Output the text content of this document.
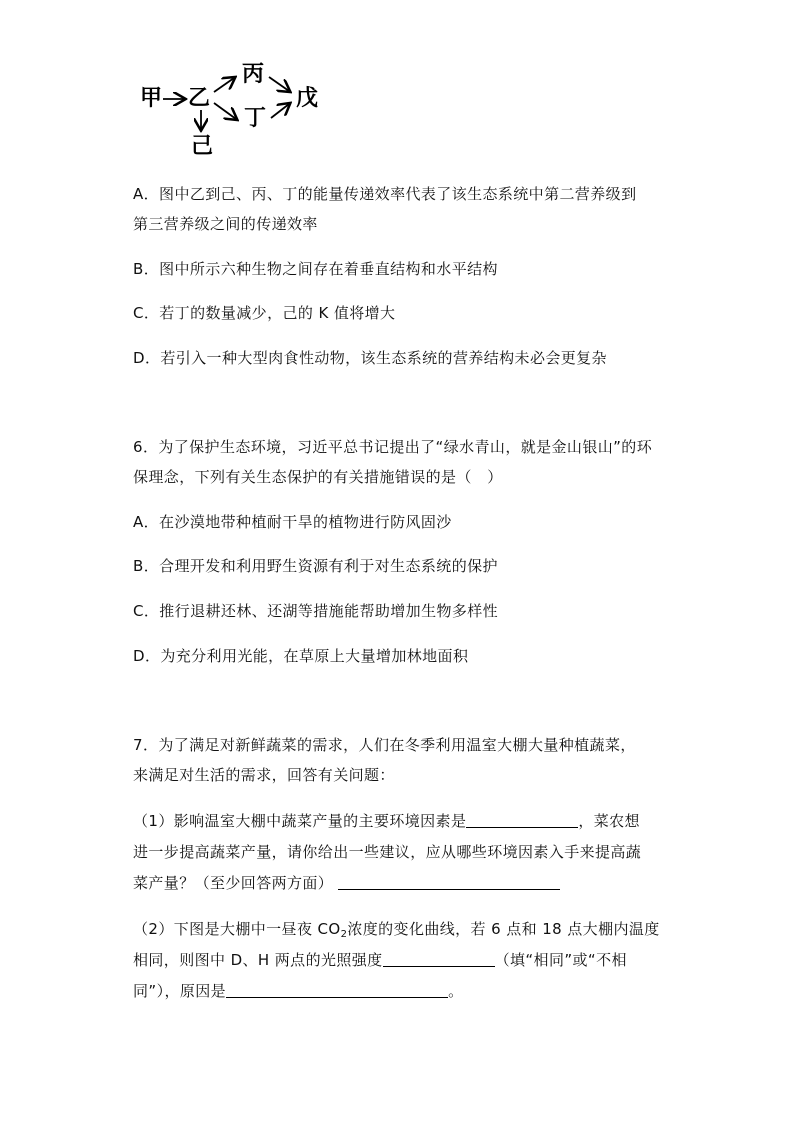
甲 乙
丙
丁
戊
己
A．图中乙到己、丙、丁的能量传递效率代表了该生态系统中第二营养级到
第三营养级之间的传递效率
B．图中所示六种生物之间存在着垂直结构和水平结构
C．若丁的数量减少，己的 K 值将增大
D．若引入一种大型肉食性动物，该生态系统的营养结构未必会更复杂
6．为了保护生态环境，习近平总书记提出了“绿水青山，就是金山银山”的环
保理念，下列有关生态保护的有关措施错误的是（　）
A．在沙漠地带种植耐干旱的植物进行防风固沙
B．合理开发和利用野生资源有利于对生态系统的保护
C．推行退耕还林、还湖等措施能帮助增加生物多样性
D．为充分利用光能，在草原上大量增加林地面积
7．为了满足对新鲜蔬菜的需求，人们在冬季利用温室大棚大量种植蔬菜，
来满足对生活的需求，回答有关问题：
（1）影响温室大棚中蔬菜产量的主要环境因素是	，菜农想
进一步提高蔬菜产量，请你给出一些建议，应从哪些环境因素入手来提高蔬
菜产量？（至少回答两方面）
（2）下图是大棚中一昼夜 $CO_2$浓度的变化曲线，若 6 点和 18 点大棚内温度
相同，则图中 D、H 两点的光照强度	（填“相同”或“不相
同”），原因是	。
